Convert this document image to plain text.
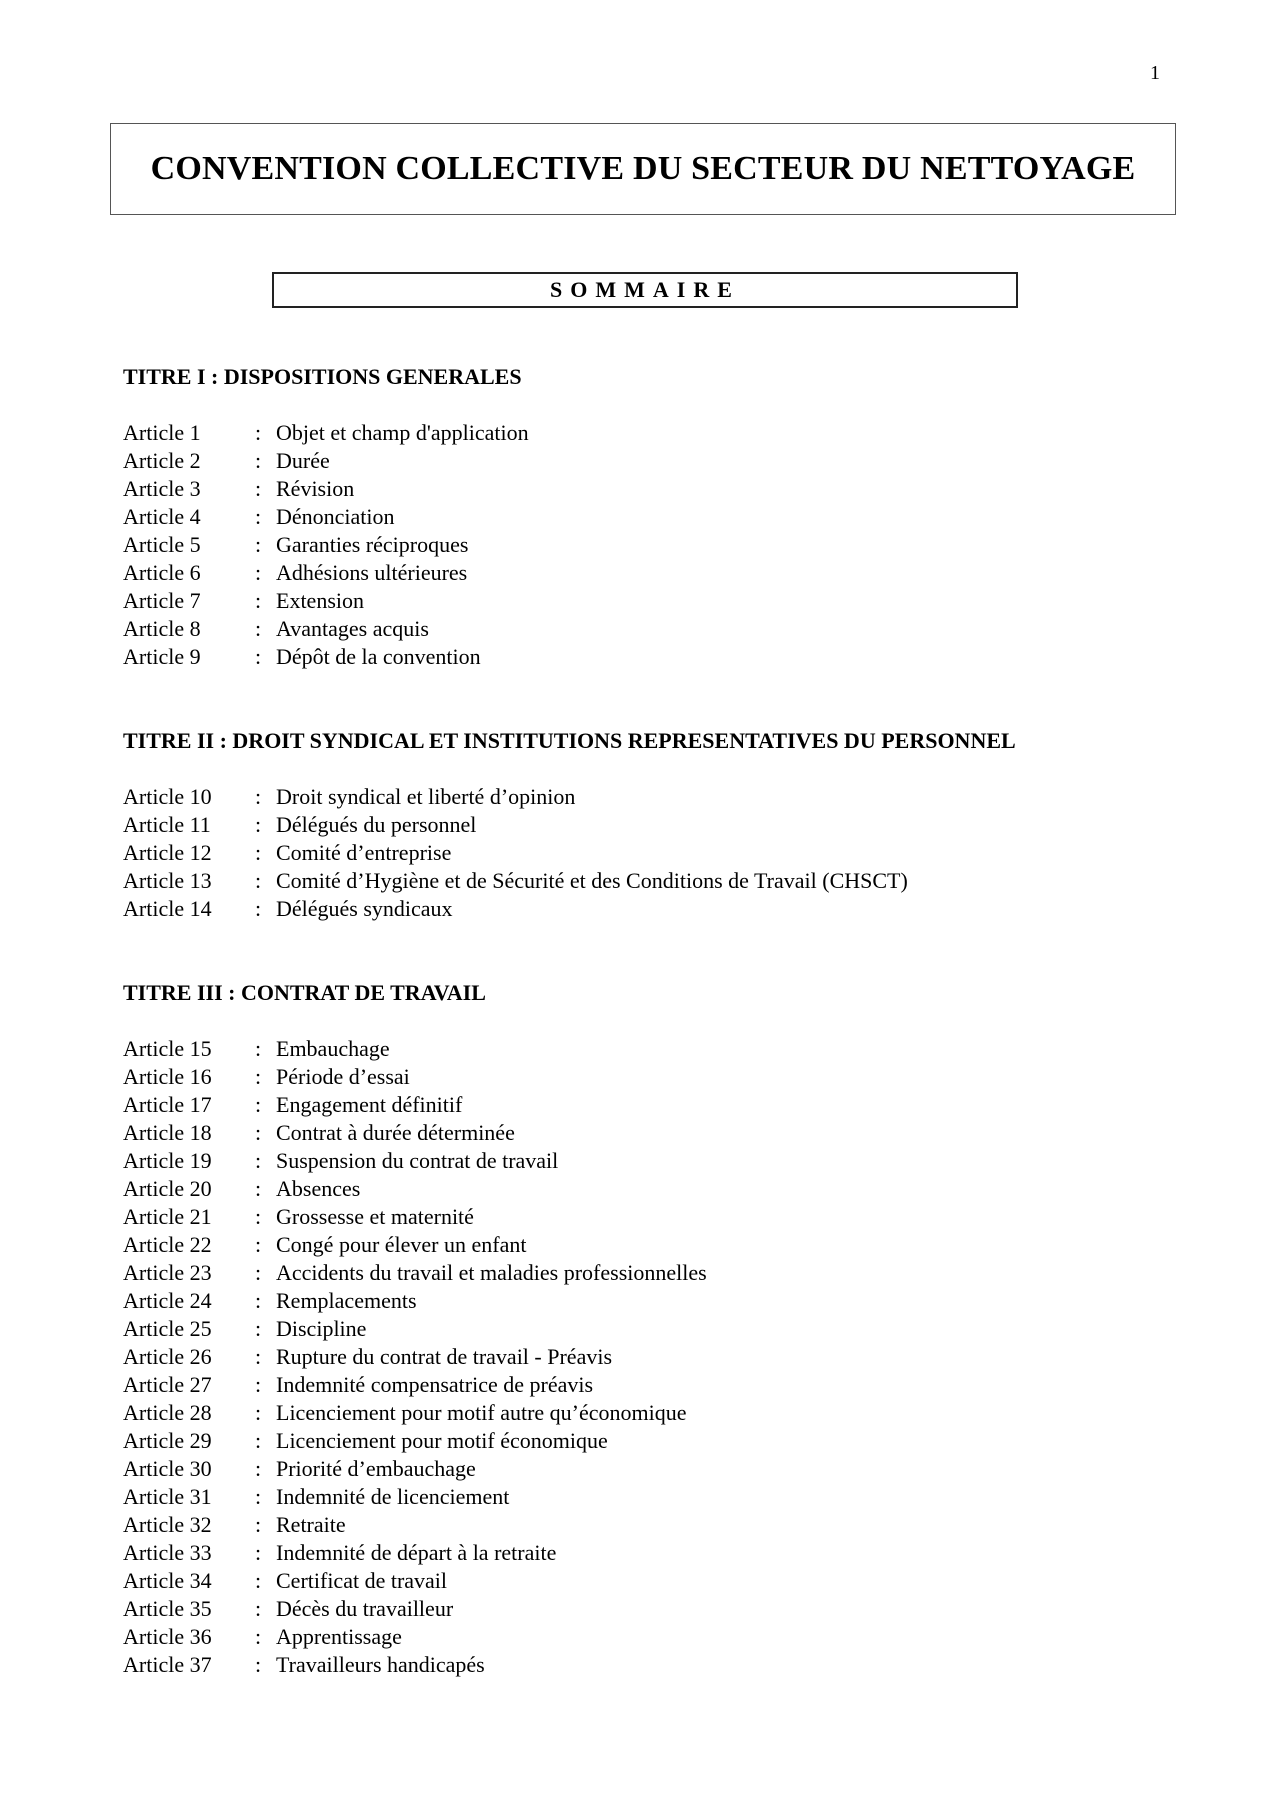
1
CONVENTION COLLECTIVE DU SECTEUR DU NETTOYAGE
SOMMAIRE
TITRE I : DISPOSITIONS GENERALES
Article 1	: Objet et champ d'application
Article 2	: Durée
Article 3	: Révision
Article 4	: Dénonciation
Article 5	: Garanties réciproques
Article 6	: Adhésions ultérieures
Article 7	: Extension
Article 8	: Avantages acquis
Article 9	: Dépôt de la convention
TITRE II : DROIT SYNDICAL ET INSTITUTIONS REPRESENTATIVES DU PERSONNEL
Article 10	: Droit syndical et liberté d’opinion
Article 11	: Délégués du personnel
Article 12	: Comité d’entreprise
Article 13	: Comité d’Hygiène et de Sécurité et des Conditions de Travail (CHSCT)
Article 14	: Délégués syndicaux
TITRE III : CONTRAT DE TRAVAIL
Article 15	: Embauchage
Article 16	: Période d’essai
Article 17	: Engagement définitif
Article 18	: Contrat à durée déterminée
Article 19	: Suspension du contrat de travail
Article 20	: Absences
Article 21	: Grossesse et maternité
Article 22	: Congé pour élever un enfant
Article 23	: Accidents du travail et maladies professionnelles
Article 24	: Remplacements
Article 25	: Discipline
Article 26	: Rupture du contrat de travail - Préavis
Article 27	: Indemnité compensatrice de préavis
Article 28	: Licenciement pour motif autre qu’économique
Article 29	: Licenciement pour motif économique
Article 30	: Priorité d’embauchage
Article 31	: Indemnité de licenciement
Article 32	: Retraite
Article 33	: Indemnité de départ à la retraite
Article 34	: Certificat de travail
Article 35	: Décès du travailleur
Article 36	: Apprentissage
Article 37	: Travailleurs handicapés
